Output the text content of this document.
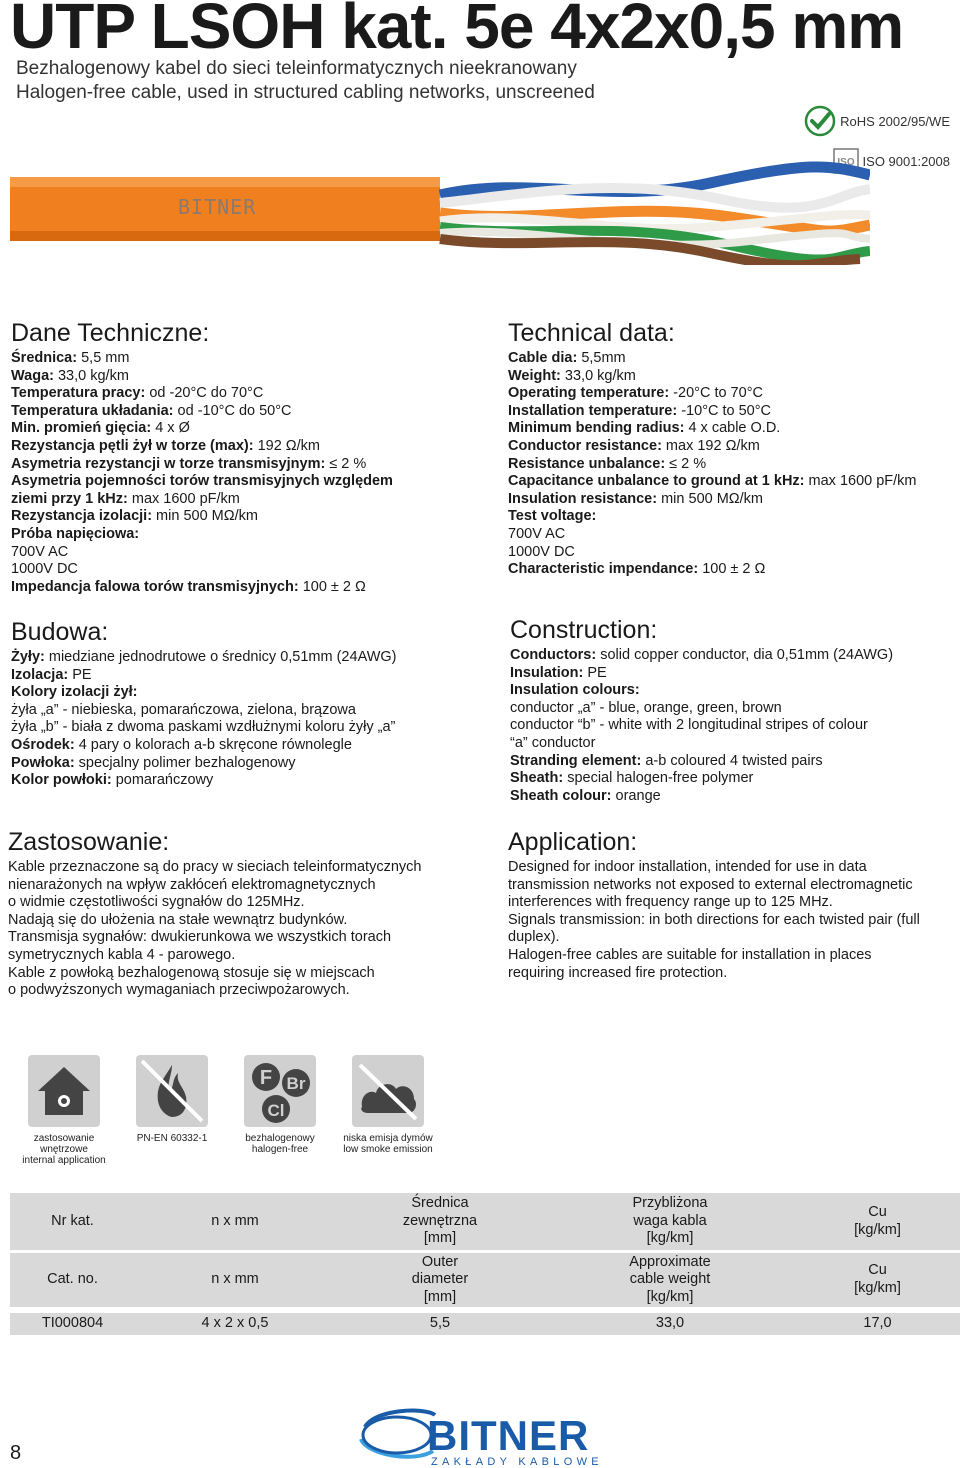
UTP LSOH kat. 5e 4x2x0,5 mm
Bezhalogenowy kabel do sieci teleinformatycznych nieekranowany
Halogen-free cable, used in structured cabling networks, unscreened
RoHS 2002/95/WE
ISO ISO 9001:2008
BITNER
Dane Techniczne:
Średnica: 5,5 mm
Waga: 33,0 kg/km
Temperatura pracy: od -20°C do 70°C
Temperatura układania: od -10°C do 50°C
Min. promień gięcia: 4 x Ø
Rezystancja pętli żył w torze (max): 192 Ω/km
Asymetria rezystancji w torze transmisyjnym: ≤ 2 %
Asymetria pojemności torów transmisyjnych względem
ziemi przy 1 kHz: max 1600 pF/km
Rezystancja izolacji: min 500 MΩ/km
Próba napięciowa:
700V AC
1000V DC
Impedancja falowa torów transmisyjnych: 100 ± 2 Ω
Technical data:
Cable dia: 5,5mm
Weight: 33,0 kg/km
Operating temperature: -20°C to 70°C
Installation temperature: -10°C to 50°C
Minimum bending radius: 4 x cable O.D.
Conductor resistance: max 192 Ω/km
Resistance unbalance: ≤ 2 %
Capacitance unbalance to ground at 1 kHz: max 1600 pF/km
Insulation resistance: min 500 MΩ/km
Test voltage:
700V AC
1000V DC
Characteristic impendance: 100 ± 2 Ω
Budowa:
Żyły: miedziane jednodrutowe o średnicy 0,51mm (24AWG)
Izolacja: PE
Kolory izolacji żył:
żyła „a” - niebieska, pomarańczowa, zielona, brązowa
żyła „b” - biała z dwoma paskami wzdłużnymi koloru żyły „a”
Ośrodek: 4 pary o kolorach a-b skręcone równolegle
Powłoka: specjalny polimer bezhalogenowy
Kolor powłoki: pomarańczowy
Construction:
Conductors: solid copper conductor, dia 0,51mm (24AWG)
Insulation: PE
Insulation colours:
conductor „a” - blue, orange, green, brown
conductor “b” - white with 2 longitudinal stripes of colour
“a” conductor
Stranding element: a-b coloured 4 twisted pairs
Sheath: special halogen-free polymer
Sheath colour: orange
Zastosowanie:

Kable przeznaczone są do pracy w sieciach teleinformatycznych

nienarażonych na wpływ zakłóceń elektromagnetycznych

o widmie częstotliwości sygnałów do 125MHz.

Nadają się do ułożenia na stałe wewnątrz budynków.

Transmisja sygnałów: dwukierunkowa we wszystkich torach

symetrycznych kabla 4 - parowego.

Kable z powłoką bezhalogenową stosuje się w miejscach

o podwyższonych wymaganiach przeciwpożarowych.

Application:

Designed for indoor installation, intended for use in data

transmission networks not exposed to external electromagnetic

interferences with frequency range up to 125 MHz.

Signals transmission: in both directions for each twisted pair (full

duplex).

Halogen-free cables are suitable for installation in places

requiring increased fire protection.

zastosowanie wnętrzowe
internal application
PN-EN 60332-1
F Br
Cl
bezhalogenowy
halogen-free
niska emisja dymów
low smoke emission
Nr kat.	n x mm	Średnica
zewnętrzna
[mm]	Przybliżona
waga kabla
[kg/km]	Cu
[kg/km]
Cat. no.	n x mm	Outer
diameter
[mm]	Approximate
cable weight
[kg/km]	Cu
[kg/km]
TI000804	4 x 2 x 0,5	5,5	33,0	17,0
8	BITNER
ZAKŁADY KABLOWE
